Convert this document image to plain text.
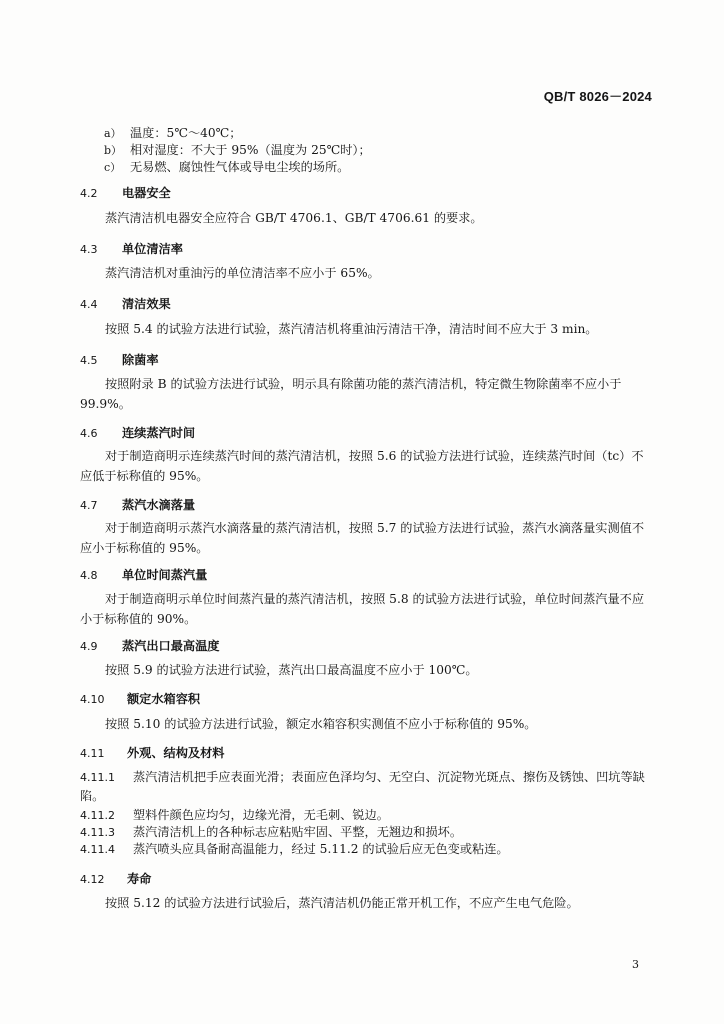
QB/T 8026－2024
a） 温度：5℃～40℃；
b） 相对湿度：不大于 95%（温度为 25℃时）；
c） 无易燃、腐蚀性气体或导电尘埃的场所。
4.2 电器安全
蒸汽清洁机电器安全应符合 GB/T 4706.1、GB/T 4706.61 的要求。
4.3 单位清洁率
蒸汽清洁机对重油污的单位清洁率不应小于 65%。
4.4 清洁效果
按照 5.4 的试验方法进行试验，蒸汽清洁机将重油污清洁干净，清洁时间不应大于 3 min。
4.5 除菌率
按照附录 B 的试验方法进行试验，明示具有除菌功能的蒸汽清洁机，特定微生物除菌率不应小于 99.9%。
4.6 连续蒸汽时间
对于制造商明示连续蒸汽时间的蒸汽清洁机，按照 5.6 的试验方法进行试验，连续蒸汽时间（tc）不应低于标称值的 95%。
4.7 蒸汽水滴落量
对于制造商明示蒸汽水滴落量的蒸汽清洁机，按照 5.7 的试验方法进行试验，蒸汽水滴落量实测值不应小于标称值的 95%。
4.8 单位时间蒸汽量
对于制造商明示单位时间蒸汽量的蒸汽清洁机，按照 5.8 的试验方法进行试验，单位时间蒸汽量不应小于标称值的 90%。
4.9 蒸汽出口最高温度
按照 5.9 的试验方法进行试验，蒸汽出口最高温度不应小于 100℃。
4.10 额定水箱容积
按照 5.10 的试验方法进行试验，额定水箱容积实测值不应小于标称值的 95%。
4.11 外观、结构及材料
4.11.1 蒸汽清洁机把手应表面光滑；表面应色泽均匀、无空白、沉淀物光斑点、擦伤及锈蚀、凹坑等缺陷。
4.11.2 塑料件颜色应均匀，边缘光滑，无毛刺、锐边。
4.11.3 蒸汽清洁机上的各种标志应粘贴牢固、平整，无翘边和损坏。
4.11.4 蒸汽喷头应具备耐高温能力，经过 5.11.2 的试验后应无色变或粘连。
4.12 寿命
按照 5.12 的试验方法进行试验后，蒸汽清洁机仍能正常开机工作，不应产生电气危险。
3
